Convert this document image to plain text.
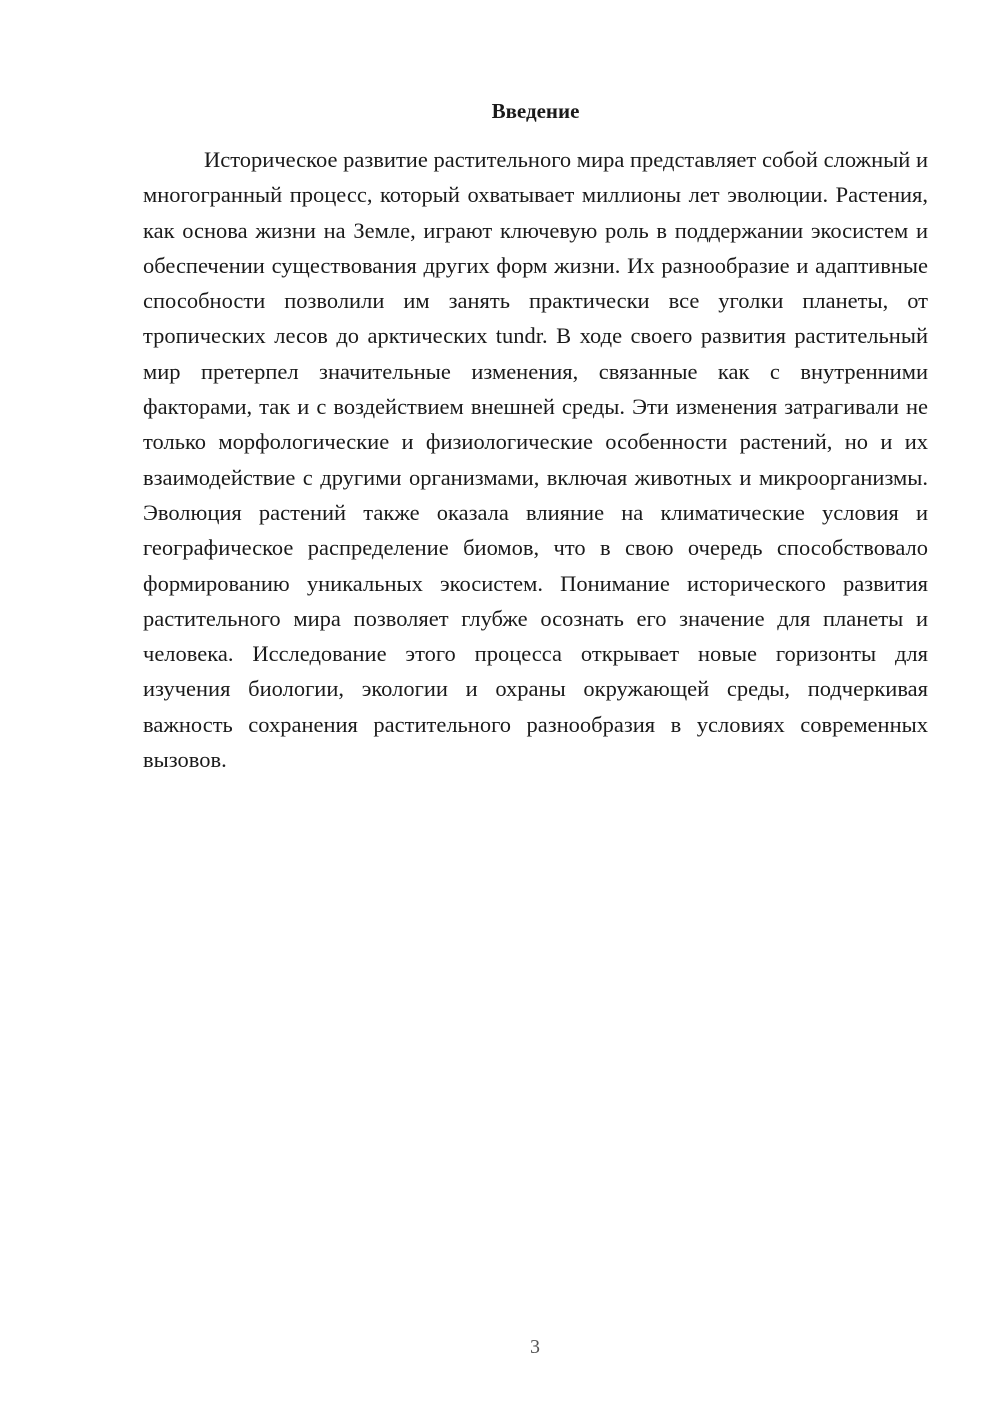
Введение

Историческое развитие растительного мира представляет собой сложный и многогранный процесс, который охватывает миллионы лет эволюции. Растения, как основа жизни на Земле, играют ключевую роль в поддержании экосистем и обеспечении существования других форм жизни. Их разнообразие и адаптивные способности позволили им занять практически все уголки планеты, от тропических лесов до арктических tundr. В ходе своего развития растительный мир претерпел значительные изменения, связанные как с внутренними факторами, так и с воздействием внешней среды. Эти изменения затрагивали не только морфологические и физиологические особенности растений, но и их взаимодействие с другими организмами, включая животных и микроорганизмы. Эволюция растений также оказала влияние на климатические условия и географическое распределение биомов, что в свою очередь способствовало формированию уникальных экосистем. Понимание исторического развития растительного мира позволяет глубже осознать его значение для планеты и человека. Исследование этого процесса открывает новые горизонты для изучения биологии, экологии и охраны окружающей среды, подчеркивая важность сохранения растительного разнообразия в условиях современных вызовов.

3
